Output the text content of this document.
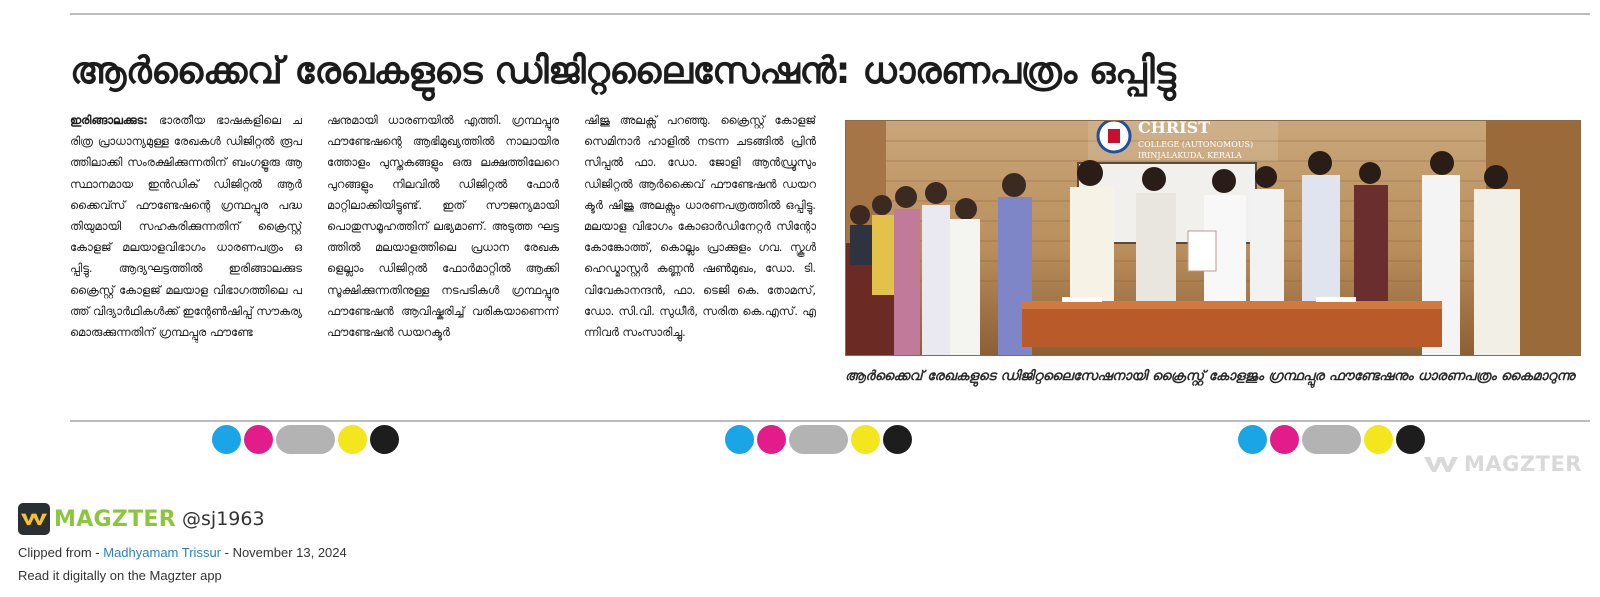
ആർക്കൈവ് രേഖകളുടെ ഡിജിറ്റലൈസേഷൻ: ധാരണപത്രം ഒപ്പിട്ടു
ഇരിങ്ങാലക്കുട: ഭാരതീയ ഭാഷകളിലെ ചരിത്ര പ്രാധാന്യമുള്ള രേഖകൾ ഡിജിറ്റൽ രൂപത്തിലാക്കി സംരക്ഷിക്കുന്നതിന് ബംഗളൂരു ആസ്ഥാനമായ ഇൻഡിക് ഡിജിറ്റൽ ആർക്കൈവ്സ് ഫൗണ്ടേഷന്റെ ഗ്രന്ഥപ്പുര പദ്ധതിയുമായി സഹകരിക്കുന്നതിന് ക്രൈസ്റ്റ് കോളജ് മലയാളവിഭാഗം ധാരണപത്രം ഒപ്പിട്ടു. ആദ്യഘട്ടത്തിൽ ഇരിങ്ങാലക്കുട ക്രൈസ്റ്റ് കോളജ് മലയാള വിഭാഗത്തിലെ പത്ത് വിദ്യാർഥികൾക്ക് ഇന്റേൺഷിപ്പ് സൗകര്യമൊരുക്കുന്നതിന് ഗ്രന്ഥപ്പുര ഫൗണ്ടേ
ഷനുമായി ധാരണയിൽ എത്തി. ഗ്രന്ഥപ്പുര ഫൗണ്ടേഷന്റെ ആഭിമുഖ്യത്തിൽ നാലായിരത്തോളം പുസ്തകങ്ങളും ഒരു ലക്ഷത്തിലേറെ പുറങ്ങളും നിലവിൽ ഡിജിറ്റൽ ഫോർമാറ്റിലാക്കിയിട്ടുണ്ട്. ഇത് സൗജന്യമായി പൊതുസമൂഹത്തിന് ലഭ്യമാണ്. അടുത്ത ഘട്ടത്തിൽ മലയാളത്തിലെ പ്രധാന രേഖകളെല്ലാം ഡിജിറ്റൽ ഫോർമാറ്റിൽ ആക്കി സൂക്ഷിക്കുന്നതിനുള്ള നടപടികൾ ഗ്രന്ഥപ്പുര ഫൗണ്ടേഷൻ ആവിഷ്കരിച്ച് വരികയാണെന്ന് ഫൗണ്ടേഷൻ ഡയറക്ടർ
ഷിജു അലക്സ് പറഞ്ഞു. ക്രൈസ്റ്റ് കോളജ് സെമിനാർ ഹാളിൽ നടന്ന ചടങ്ങിൽ പ്രിൻസിപ്പൽ ഫാ. ഡോ. ജോളി ആൻഡ്രൂസും ഡിജിറ്റൽ ആർക്കൈവ് ഫൗണ്ടേഷൻ ഡയറക്ടർ ഷിജു അലക്സും ധാരണപത്രത്തിൽ ഒപ്പിട്ടു. മലയാള വിഭാഗം കോഓർഡിനേറ്റർ സിന്റോ കോങ്കോത്ത്, കൊല്ലം പ്രാക്കുളം ഗവ. സ്കൂൾ ഹെഡ്മാസ്റ്റർ കണ്ണൻ ഷൺമുഖം, ഡോ. ടി. വിവേകാനന്ദൻ, ഫാ. ടെജി കെ. തോമസ്, ഡോ. സി.വി. സുധീർ, സരിത കെ.എസ്. എന്നിവർ സംസാരിച്ചു.
CHRIST
COLLEGE (AUTONOMOUS)
IRINJALAKUDA, KERALA
ആർക്കൈവ് രേഖകളുടെ ഡിജിറ്റലൈസേഷനായി ക്രൈസ്റ്റ് കോളജും ഗ്രന്ഥപ്പുര ഫൗണ്ടേഷനും ധാരണപത്രം കൈമാറുന്നു
MAGZTER
MAGZTER @sj1963
Clipped from - Madhyamam Trissur - November 13, 2024
Read it digitally on the Magzter app
